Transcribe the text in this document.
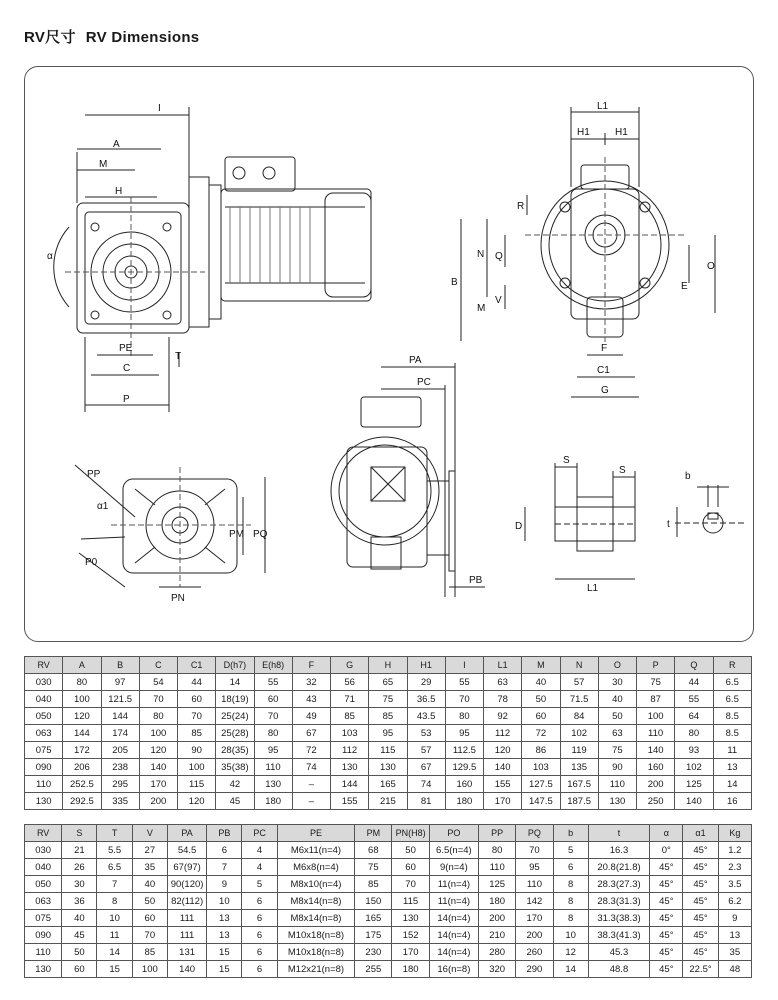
RV尺寸 RV Dimensions
I
A
M
H
α
PE
C
P
T
L1
H1	H1
R
B
N Q
M
V
O
E
F
C1
G
PA
PC
PB
PP
α1
P0
PN
PM PQ
S
S
D
L1
b
t
RV	A	B	C	C1	D(h7)	E(h8)	F	G	H	H1	I	L1	M	N	O	P	Q	R
030	80	97	54	44	14	55	32	56	65	29	55	63	40	57	30	75	44	6.5
040	100	121.5	70	60	18(19)	60	43	71	75	36.5	70	78	50	71.5	40	87	55	6.5
050	120	144	80	70	25(24)	70	49	85	85	43.5	80	92	60	84	50	100	64	8.5
063	144	174	100	85	25(28)	80	67	103	95	53	95	112	72	102	63	110	80	8.5
075	172	205	120	90	28(35)	95	72	112	115	57	112.5	120	86	119	75	140	93	11
090	206	238	140	100	35(38)	110	74	130	130	67	129.5	140	103	135	90	160	102	13
110	252.5	295	170	115	42	130	–	144	165	74	160	155	127.5	167.5	110	200	125	14
130	292.5	335	200	120	45	180	–	155	215	81	180	170	147.5	187.5	130	250	140	16
RV	S	T	V	PA	PB	PC	PE	PM	PN(H8)	PO	PP	PQ	b	t	α	α1	Kg
030	21	5.5	27	54.5	6	4	M6x11(n=4)	68	50	6.5(n=4)	80	70	5	16.3	0°	45°	1.2
040	26	6.5	35	67(97)	7	4	M6x8(n=4)	75	60	9(n=4)	110	95	6	20.8(21.8)	45°	45°	2.3
050	30	7	40	90(120)	9	5	M8x10(n=4)	85	70	11(n=4)	125	110	8	28.3(27.3)	45°	45°	3.5
063	36	8	50	82(112)	10	6	M8x14(n=8)	150	115	11(n=4)	180	142	8	28.3(31.3)	45°	45°	6.2
075	40	10	60	111	13	6	M8x14(n=8)	165	130	14(n=4)	200	170	8	31.3(38.3)	45°	45°	9
090	45	11	70	111	13	6	M10x18(n=8)	175	152	14(n=4)	210	200	10	38.3(41.3)	45°	45°	13
110	50	14	85	131	15	6	M10x18(n=8)	230	170	14(n=4)	280	260	12	45.3	45°	45°	35
130	60	15	100	140	15	6	M12x21(n=8)	255	180	16(n=8)	320	290	14	48.8	45°	22.5°	48
